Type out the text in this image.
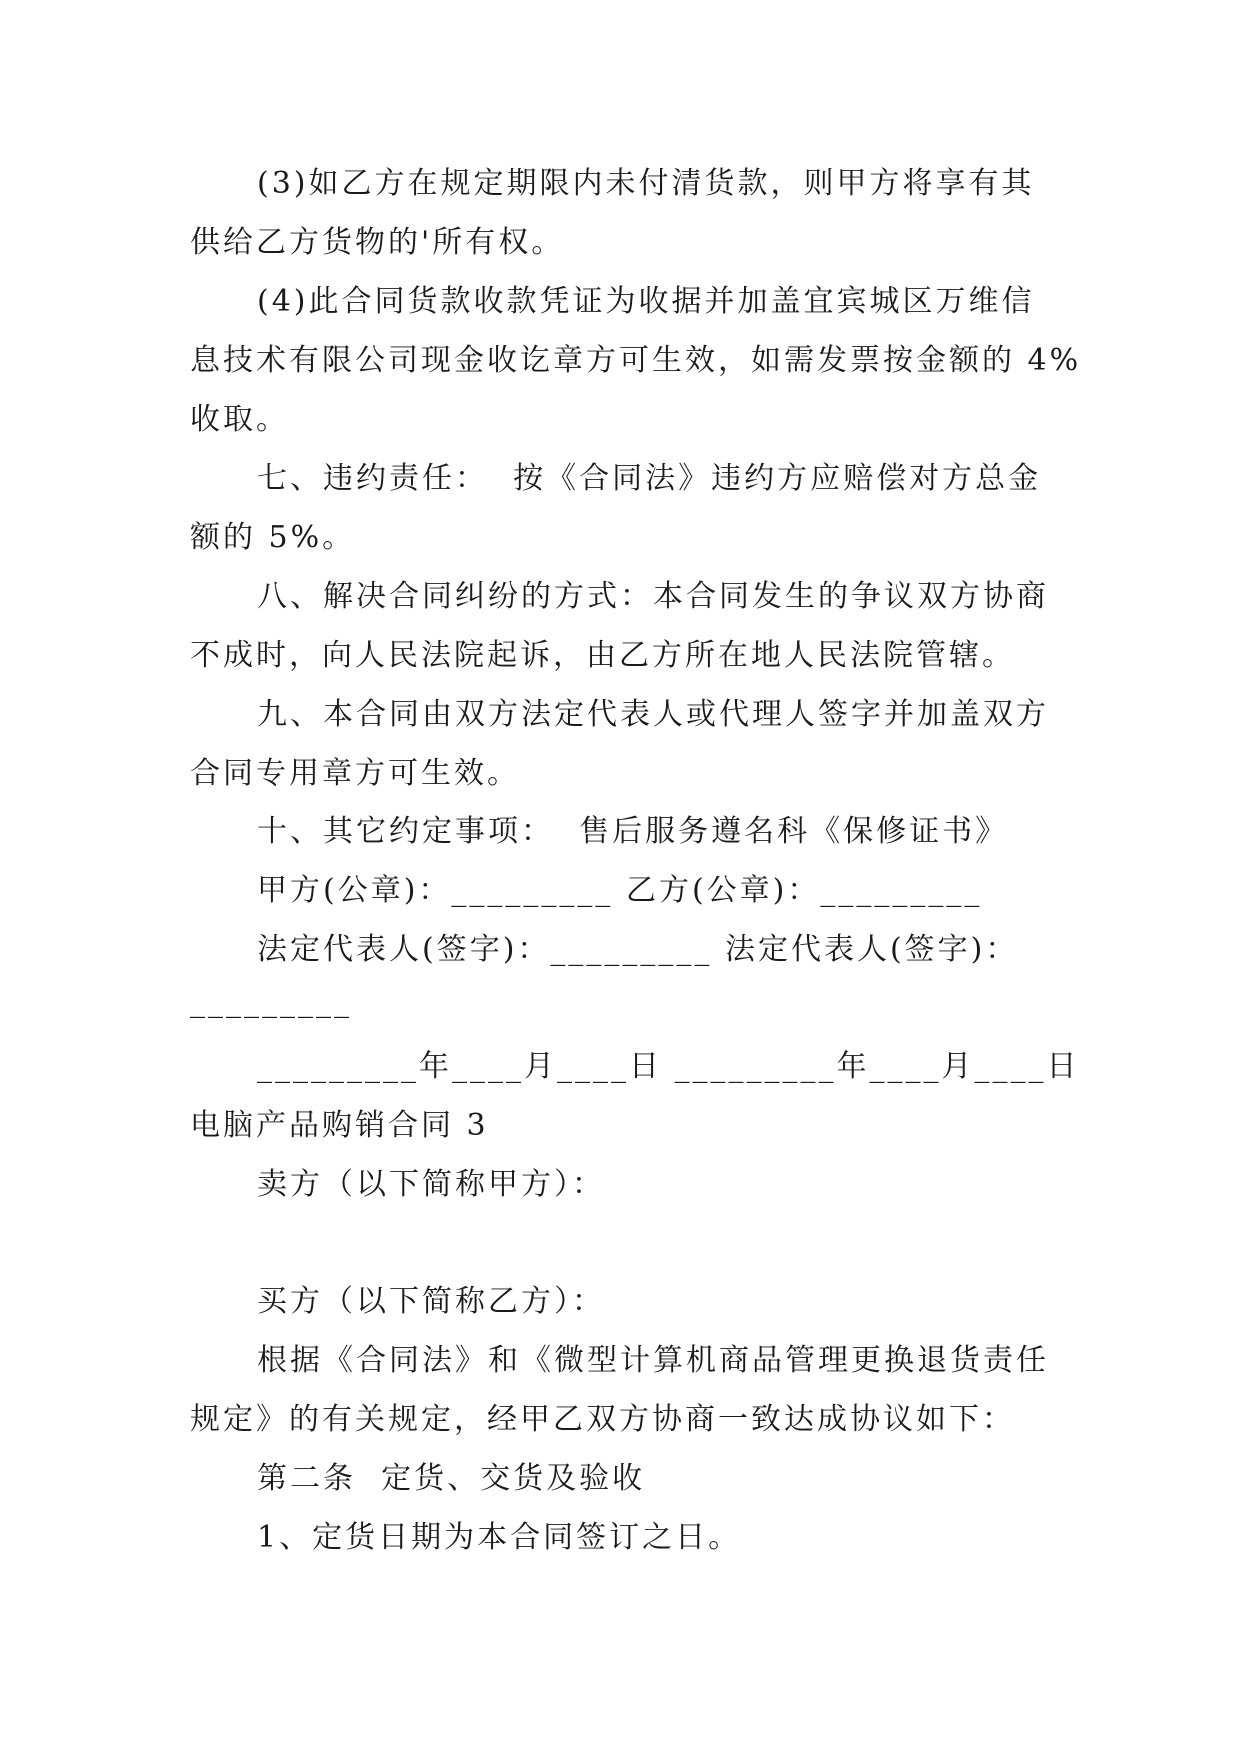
(3)如乙方在规定期限内未付清货款，则甲方将享有其
供给乙方货物的'所有权。
(4)此合同货款收款凭证为收据并加盖宜宾城区万维信
息技术有限公司现金收讫章方可生效，如需发票按金额的 4%
收取。
七、违约责任：  按《合同法》违约方应赔偿对方总金
额的 5%。
八、解决合同纠纷的方式：本合同发生的争议双方协商
不成时，向人民法院起诉，由乙方所在地人民法院管辖。
九、本合同由双方法定代表人或代理人签字并加盖双方
合同专用章方可生效。
十、其它约定事项：  售后服务遵名科《保修证书》
甲方(公章)：_________ 乙方(公章)：_________
法定代表人(签字)：_________ 法定代表人(签字)：
_________
_________年____月____日 _________年____月____日
电脑产品购销合同 3
卖方（以下简称甲方）：
买方（以下简称乙方）：
根据《合同法》和《微型计算机商品管理更换退货责任
规定》的有关规定，经甲乙双方协商一致达成协议如下：
第二条  定货、交货及验收
1、定货日期为本合同签订之日。
